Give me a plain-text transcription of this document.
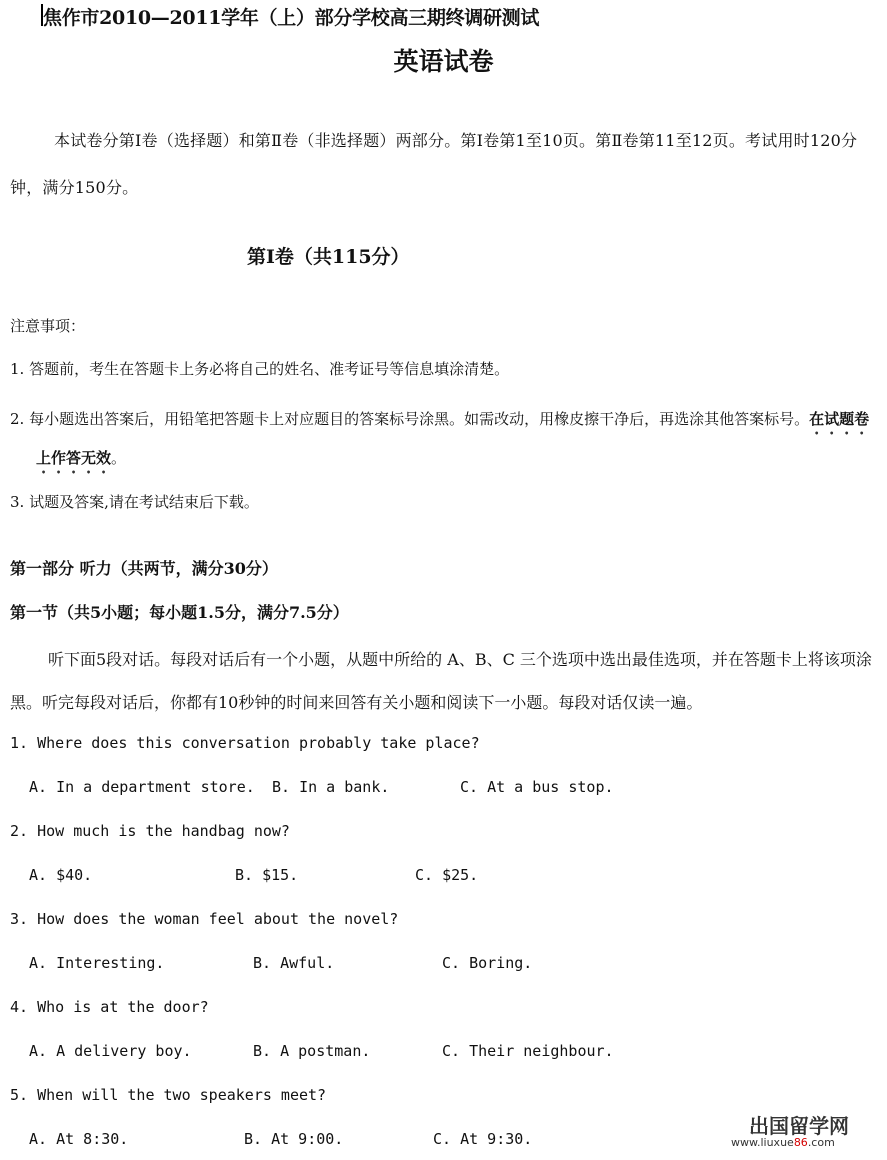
焦作市2010—2011学年（上）部分学校高三期终调研测试
英语试卷
本试卷分第Ⅰ卷（选择题）和第Ⅱ卷（非选择题）两部分。第Ⅰ卷第1至10页。第Ⅱ卷第11至12页。考试用时120分钟，满分150分。
第Ⅰ卷（共115分）
注意事项：
1. 答题前，考生在答题卡上务必将自己的姓名、准考证号等信息填涂清楚。
2. 每小题选出答案后，用铅笔把答题卡上对应题目的答案标号涂黑。如需改动，用橡皮擦干净后，再选涂其他答案标号。在试题卷上作答无效。
3. 试题及答案,请在考试结束后下载。
第一部分 听力（共两节，满分30分）
第一节（共5小题；每小题1.5分，满分7.5分）
听下面5段对话。每段对话后有一个小题，从题中所给的 A、B、C 三个选项中选出最佳选项，并在答题卡上将该项涂黑。听完每段对话后，你都有10秒钟的时间来回答有关小题和阅读下一小题。每段对话仅读一遍。
1. Where does this conversation probably take place?
A. In a department store. B. In a bank.	C. At a bus stop.
2. How much is the handbag now?
A. $40.	B. $15.	C. $25.
3. How does the woman feel about the novel?
A. Interesting.	B. Awful.	C. Boring.
4. Who is at the door?
A. A delivery boy.	B. A postman.	C. Their neighbour.
5. When will the two speakers meet?
A. At 8:30.	B. At 9:00.	C. At 9:30.
出国留学网
www.liuxue86.com
